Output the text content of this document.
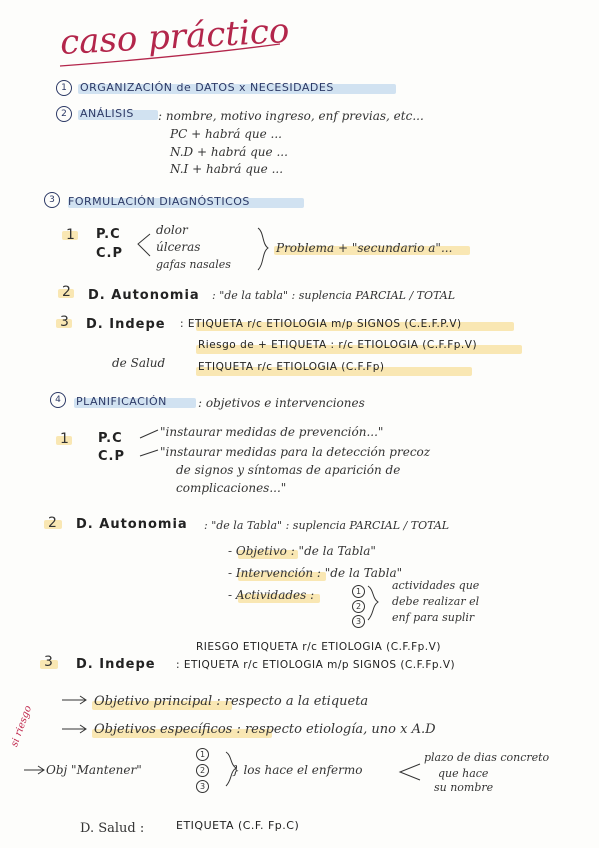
caso práctico
1	ORGANIZACIÓN de DATOS x NECESIDADES
2	ANÁLISIS : nombre, motivo ingreso, enf previas, etc...
PC + habrá que ...
N.D + habrá que ...
N.I + habrá que ...
3	FORMULACIÓN DIAGNÓSTICOS
1 P.C
C.P
dolor
úlceras
gafas nasales
Problema + "secundario a"...
2 D. Autonomia : "de la tabla" : suplencia PARCIAL / TOTAL
3 D. Indepe : ETIQUETA r/c ETIOLOGIA m/p SIGNOS (C.E.F.P.V)
Riesgo de + ETIQUETA : r/c ETIOLOGIA (C.F.Fp.V)
de Salud	ETIQUETA r/c ETIOLOGIA (C.F.Fp)
4	PLANIFICACIÓN	: objetivos e intervenciones
1 P.C
C.P
"instaurar medidas de prevención..."
"instaurar medidas para la detección precoz
de signos y síntomas de aparición de
complicaciones..."
2 D. Autonomia : "de la Tabla" : suplencia PARCIAL / TOTAL
- Objetivo : "de la Tabla"
- Intervención : "de la Tabla"
- Actividades :	1
2
3
actividades que
debe realizar el
enf para suplir
RIESGO ETIQUETA r/c ETIOLOGIA (C.F.Fp.V)
3 D. Indepe : ETIQUETA r/c ETIOLOGIA m/p SIGNOS (C.F.Fp.V)
Objetivo principal : respecto a la etiqueta
Objetivos específicos : respecto etiología, uno x A.D
si riesgo
Obj "Mantener"
1
2
3
} los hace el enfermo
plazo de dias concreto
que hace
su nombre
D. Salud :	ETIQUETA (C.F. Fp.C)
